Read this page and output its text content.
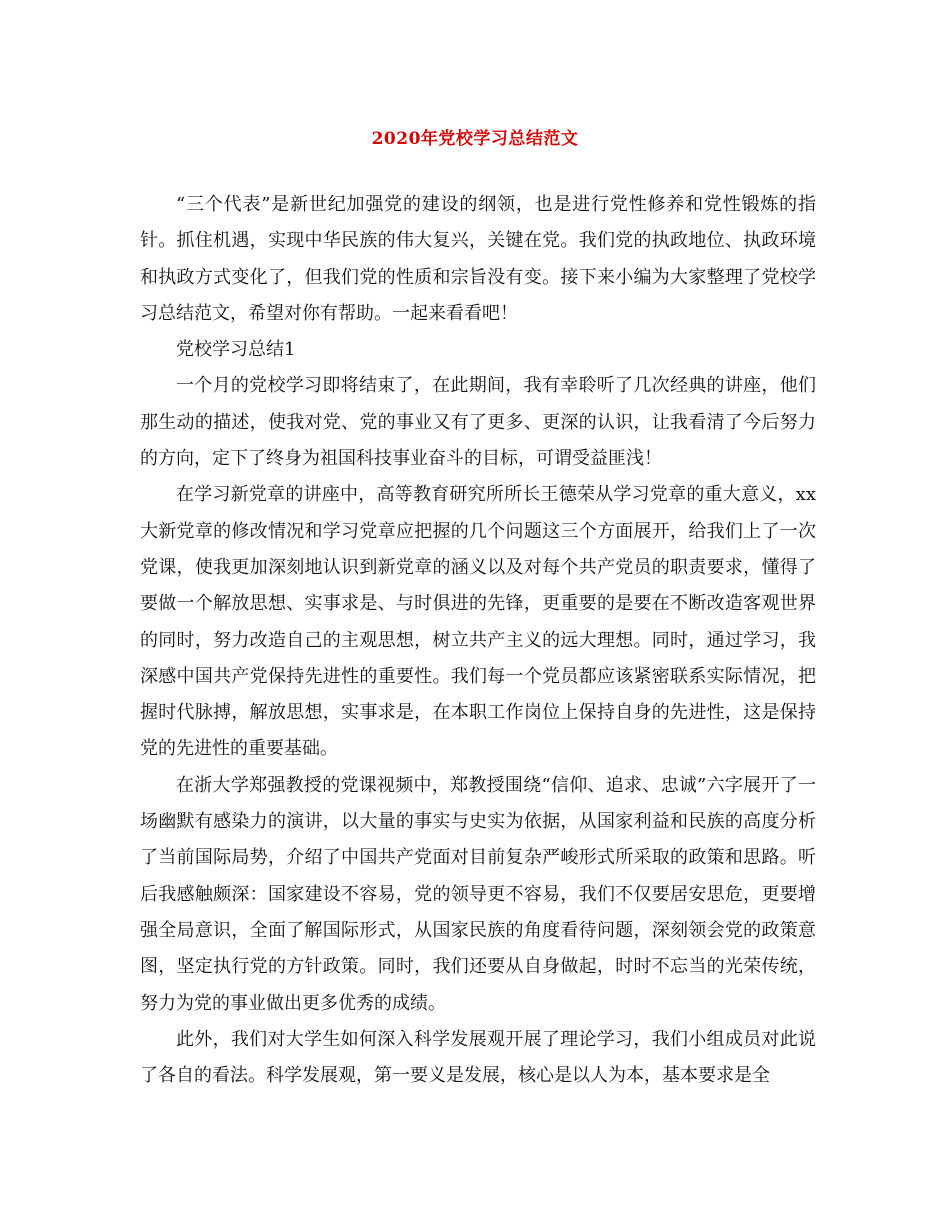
2020年党校学习总结范文

“三个代表”是新世纪加强党的建设的纲领，也是进行党性修养和党性锻炼的指针。抓住机遇，实现中华民族的伟大复兴，关键在党。我们党的执政地位、执政环境和执政方式变化了，但我们党的性质和宗旨没有变。接下来小编为大家整理了党校学习总结范文，希望对你有帮助。一起来看看吧！

党校学习总结1

一个月的党校学习即将结束了，在此期间，我有幸聆听了几次经典的讲座，他们那生动的描述，使我对党、党的事业又有了更多、更深的认识，让我看清了今后努力的方向，定下了终身为祖国科技事业奋斗的目标，可谓受益匪浅！

在学习新党章的讲座中，高等教育研究所所长王德荣从学习党章的重大意义，xx大新党章的修改情况和学习党章应把握的几个问题这三个方面展开，给我们上了一次党课，使我更加深刻地认识到新党章的涵义以及对每个共产党员的职责要求，懂得了要做一个解放思想、实事求是、与时俱进的先锋，更重要的是要在不断改造客观世界的同时，努力改造自己的主观思想，树立共产主义的远大理想。同时，通过学习，我深感中国共产党保持先进性的重要性。我们每一个党员都应该紧密联系实际情况，把握时代脉搏，解放思想，实事求是，在本职工作岗位上保持自身的先进性，这是保持党的先进性的重要基础。

在浙大学郑强教授的党课视频中，郑教授围绕“信仰、追求、忠诚”六字展开了一场幽默有感染力的演讲，以大量的事实与史实为依据，从国家利益和民族的高度分析了当前国际局势，介绍了中国共产党面对目前复杂严峻形式所采取的政策和思路。听后我感触颇深：国家建设不容易，党的领导更不容易，我们不仅要居安思危，更要增强全局意识，全面了解国际形式，从国家民族的角度看待问题，深刻领会党的政策意图，坚定执行党的方针政策。同时，我们还要从自身做起，时时不忘当的光荣传统，努力为党的事业做出更多优秀的成绩。

此外，我们对大学生如何深入科学发展观开展了理论学习，我们小组成员对此说了各自的看法。科学发展观，第一要义是发展，核心是以人为本，基本要求是全
